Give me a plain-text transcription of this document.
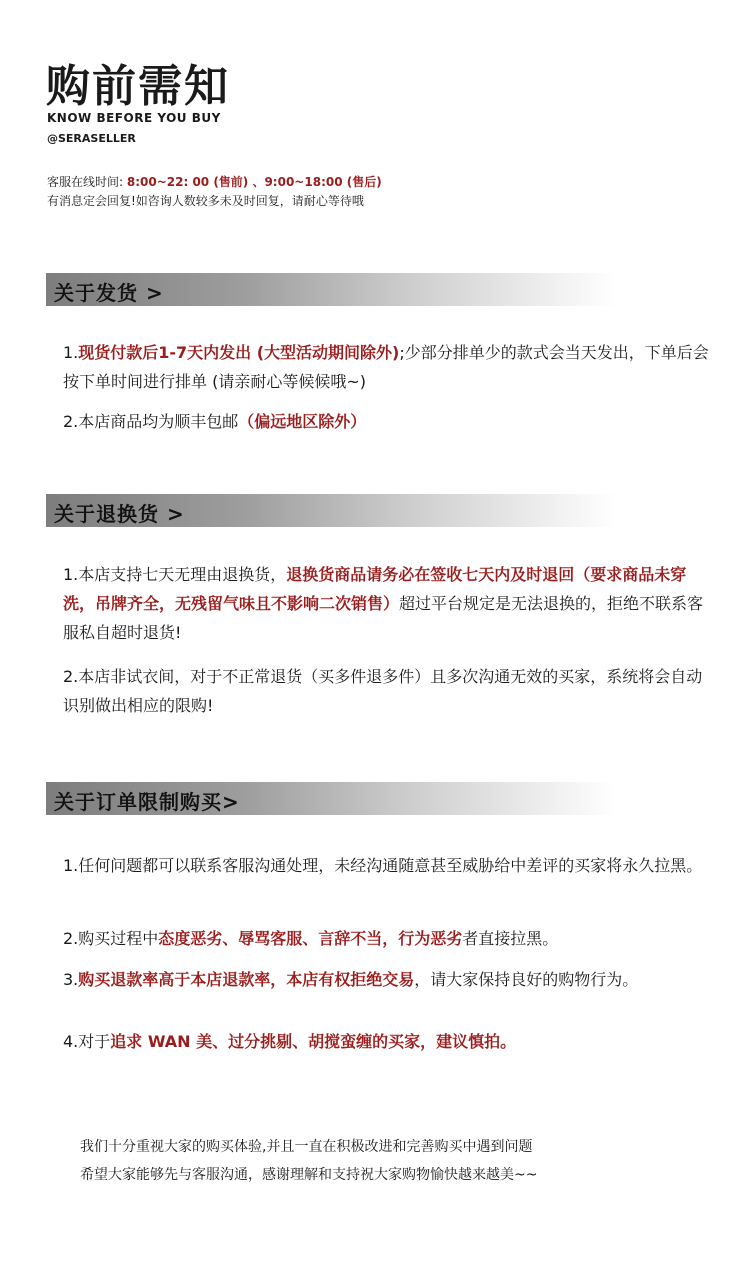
购前需知
KNOW BEFORE YOU BUY
@SERASELLER
客服在线时间: 8:00~22: 00 (售前) 、9:00~18:00 (售后)
有消息定会回复!如咨询人数较多未及时回复，请耐心等待哦
关于发货 >
1.现货付款后1-7天内发出 (大型活动期间除外);少部分排单少的款式会当天发出，下单后会按下单时间进行排单 (请亲耐心等候候哦~)
2.本店商品均为顺丰包邮（偏远地区除外）
关于退换货 >
1.本店支持七天无理由退换货，退换货商品请务必在签收七天内及时退回（要求商品未穿洗，吊牌齐全，无残留气味且不影响二次销售）超过平台规定是无法退换的，拒绝不联系客服私自超时退货!
2.本店非试衣间，对于不正常退货（买多件退多件）且多次沟通无效的买家，系统将会自动识别做出相应的限购!
关于订单限制购买>
1.任何问题都可以联系客服沟通处理，未经沟通随意甚至威胁给中差评的买家将永久拉黑。
2.购买过程中态度恶劣、辱骂客服、言辞不当，行为恶劣者直接拉黑。
3.购买退款率高于本店退款率，本店有权拒绝交易，请大家保持良好的购物行为。
4.对于追求 WAN 美、过分挑剔、胡搅蛮缠的买家，建议慎拍。
我们十分重视大家的购买体验,并且一直在积极改进和完善购买中遇到问题
希望大家能够先与客服沟通，感谢理解和支持祝大家购物愉快越来越美~~
